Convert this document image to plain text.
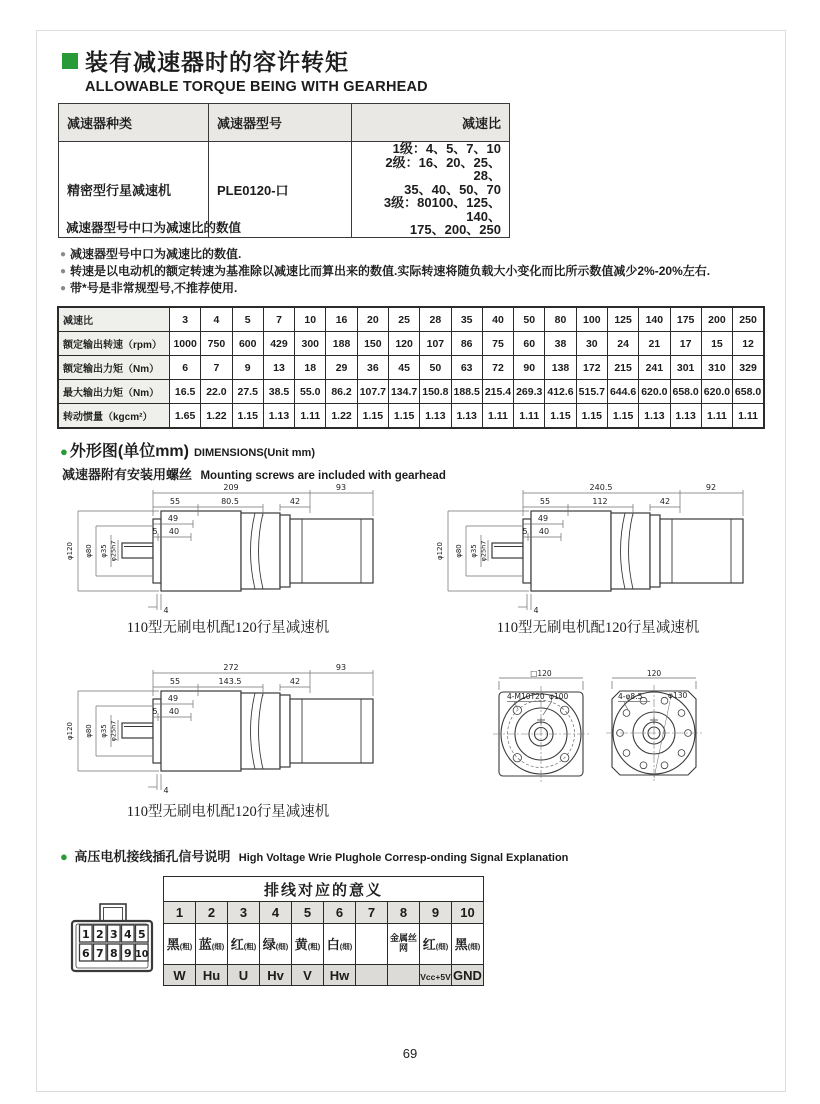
装有减速器时的容许转矩
ALLOWABLE TORQUE BEING WITH GEARHEAD
减速器种类	减速器型号	减速比
精密型行星减速机	PLE0120-口	1级：4、5、7、10
2级：16、20、25、28、
35、40、50、70
3级：80100、125、140、
175、200、250
减速器型号中口为减速比的数值
● 减速器型号中口为减速比的数值.
● 转速是以电动机的额定转速为基准除以减速比而算出来的数值.实际转速将随负载大小变化而比所示数值减少2%-20%左右.
● 带*号是非常规型号,不推荐使用.
减速比	3	4	5	7	10	16	20	25	28	35	40	50	80	100	125	140	175	200	250
额定输出转速（rpm）	1000	750	600	429	300	188	150	120	107	86	75	60	38	30	24	21	17	15	12
额定输出力矩（Nm）	6	7	9	13	18	29	36	45	50	63	72	90	138	172	215	241	301	310	329
最大输出力矩（Nm）	16.5	22.0	27.5	38.5	55.0	86.2	107.7	134.7	150.8	188.5	215.4	269.3	412.6	515.7	644.6	620.0	658.0	620.0	658.0
转动惯量（kgcm²）	1.65	1.22	1.15	1.13	1.11	1.22	1.15	1.15	1.13	1.13	1.11	1.11	1.15	1.15	1.15	1.13	1.13	1.11	1.11
● 外形图(单位mm) DIMENSIONS(Unit mm)
减速器附有安装用螺丝 Mounting screws are included with gearhead
209	93
55	80.5	42
49
5 40
4
φ120 φ80 φ35 φ25h7
110型无刷电机配120行星减速机
240.5	92
55	112	42
49
5 40
4
φ120 φ80 φ35 φ25h7
110型无刷电机配120行星减速机
272	93
55	143.5	42
49
5 40
4
φ120 φ80 φ35 φ25h7
110型无刷电机配120行星减速机
□120
4-M10T20 φ100
120
4-φ8.5	φ130
● 高压电机接线插孔信号说明 High Voltage Wrie Plughole Corresp-onding Signal Explanation
1 2 3 4 5
6 7 8 9 10
排线对应的意义									
1	2	3	4	5	6	7	8	9	10
黑(粗)	蓝(细)	红(粗)	绿(细)	黄(粗)	白(细)		金属丝网	红(细)	黑(细)
W	Hu	U	Hv	V	Hw			Vcc+5V	GND
69
